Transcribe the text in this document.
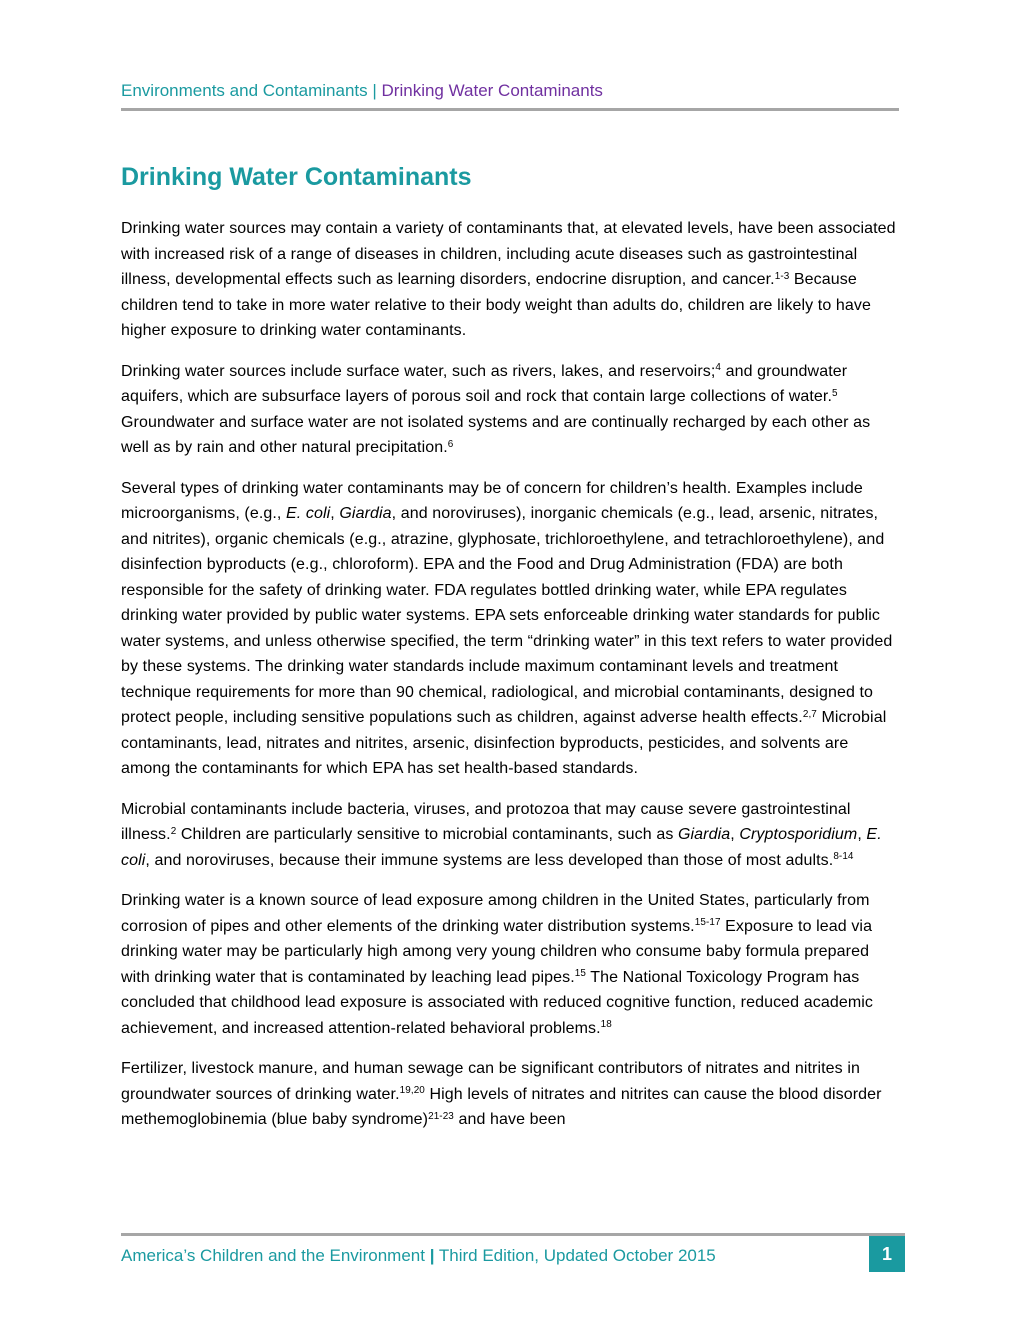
Environments and Contaminants | Drinking Water Contaminants
Drinking Water Contaminants

Drinking water sources may contain a variety of contaminants that, at elevated levels, have been associated with increased risk of a range of diseases in children, including acute diseases such as gastrointestinal illness, developmental effects such as learning disorders, endocrine disruption, and cancer.$^{1-3}$ Because children tend to take in more water relative to their body weight than adults do, children are likely to have higher exposure to drinking water contaminants.

Drinking water sources include surface water, such as rivers, lakes, and reservoirs;$^4$ and groundwater aquifers, which are subsurface layers of porous soil and rock that contain large collections of water.$^5$ Groundwater and surface water are not isolated systems and are continually recharged by each other as well as by rain and other natural precipitation.$^6$

Several types of drinking water contaminants may be of concern for children’s health. Examples include microorganisms, (e.g., E. coli, Giardia, and noroviruses), inorganic chemicals (e.g., lead, arsenic, nitrates, and nitrites), organic chemicals (e.g., atrazine, glyphosate, trichloroethylene, and tetrachloroethylene), and disinfection byproducts (e.g., chloroform). EPA and the Food and Drug Administration (FDA) are both responsible for the safety of drinking water. FDA regulates bottled drinking water, while EPA regulates drinking water provided by public water systems. EPA sets enforceable drinking water standards for public water systems, and unless otherwise specified, the term “drinking water” in this text refers to water provided by these systems. The drinking water standards include maximum contaminant levels and treatment technique requirements for more than 90 chemical, radiological, and microbial contaminants, designed to protect people, including sensitive populations such as children, against adverse health effects.$^{2,7}$ Microbial contaminants, lead, nitrates and nitrites, arsenic, disinfection byproducts, pesticides, and solvents are among the contaminants for which EPA has set health-based standards.

Microbial contaminants include bacteria, viruses, and protozoa that may cause severe gastrointestinal illness.$^2$ Children are particularly sensitive to microbial contaminants, such as Giardia, Cryptosporidium, E. coli, and noroviruses, because their immune systems are less developed than those of most adults.$^{8-14}$

Drinking water is a known source of lead exposure among children in the United States, particularly from corrosion of pipes and other elements of the drinking water distribution systems.$^{15-17}$ Exposure to lead via drinking water may be particularly high among very young children who consume baby formula prepared with drinking water that is contaminated by leaching lead pipes.$^{15}$ The National Toxicology Program has concluded that childhood lead exposure is associated with reduced cognitive function, reduced academic achievement, and increased attention-related behavioral problems.$^{18}$

Fertilizer, livestock manure, and human sewage can be significant contributors of nitrates and nitrites in groundwater sources of drinking water.$^{19,20}$ High levels of nitrates and nitrites can cause the blood disorder methemoglobinemia (blue baby syndrome)$^{21-23}$ and have been

America’s Children and the Environment | Third Edition, Updated October 2015	1
